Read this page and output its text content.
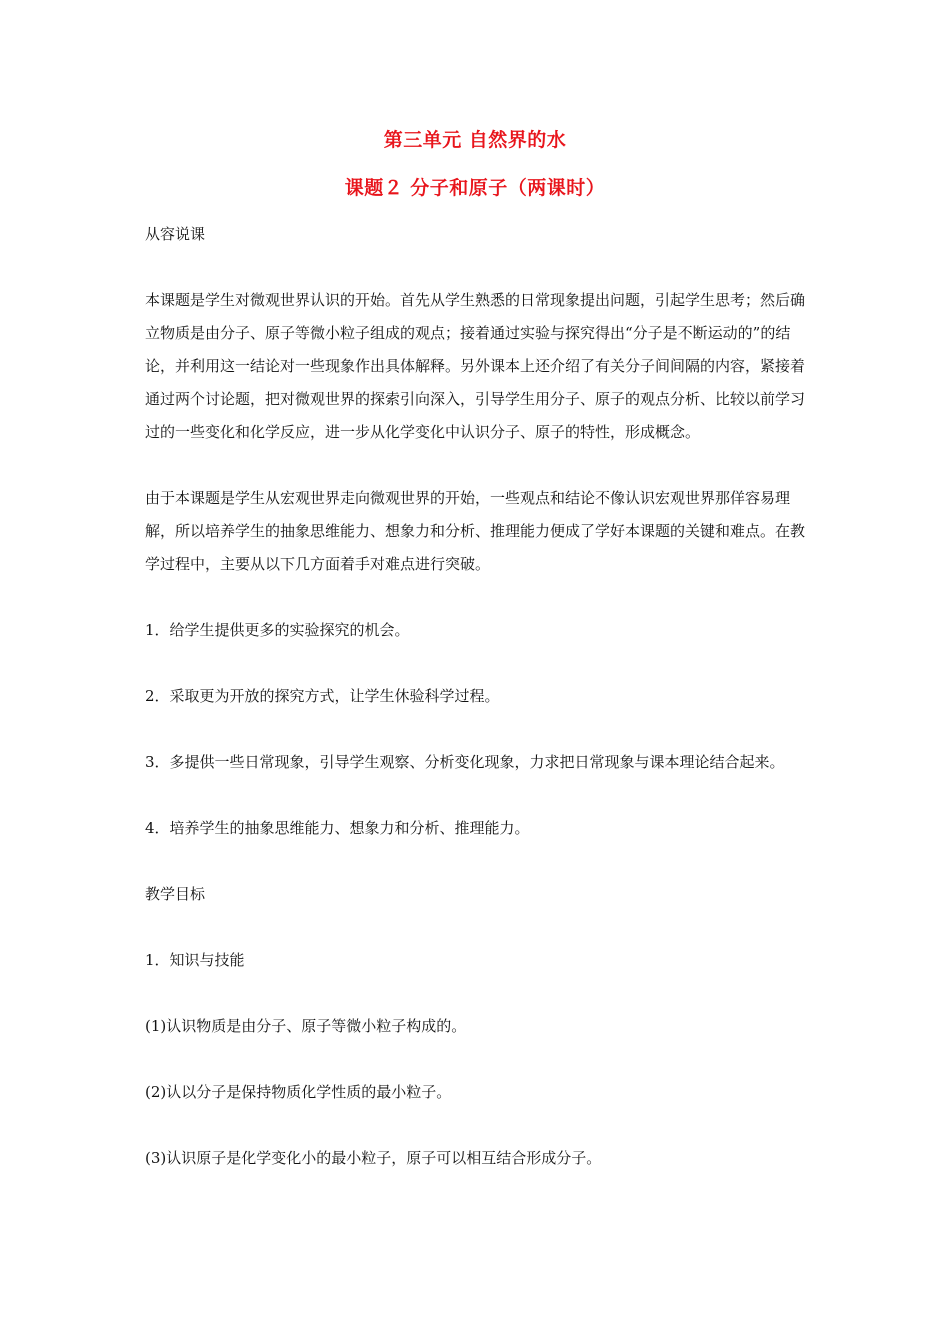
第三单元 自然界的水
课题２ 分子和原子（两课时）

从容说课

本课题是学生对微观世界认识的开始。首先从学生熟悉的日常现象提出问题，引起学生思考；然后确立物质是由分子、原子等微小粒子组成的观点；接着通过实验与探究得出“分子是不断运动的”的结论，并利用这一结论对一些现象作出具体解释。另外课本上还介绍了有关分子间间隔的内容，紧接着通过两个讨论题，把对微观世界的探索引向深入，引导学生用分子、原子的观点分析、比较以前学习过的一些变化和化学反应，进一步从化学变化中认识分子、原子的特性，形成概念。

由于本课题是学生从宏观世界走向微观世界的开始，一些观点和结论不像认识宏观世界那佯容易理解，所以培养学生的抽象思维能力、想象力和分析、推理能力便成了学好本课题的关键和难点。在教学过程中，主要从以下几方面着手对难点进行突破。

1．给学生提供更多的实验探究的机会。

2．采取更为开放的探究方式，让学生休验科学过程。

3．多提供一些日常现象，引导学生观察、分析变化现象，力求把日常现象与课本理论结合起来。

4．培养学生的抽象思维能力、想象力和分析、推理能力。

教学目标

1．知识与技能

(1)认识物质是由分子、原子等微小粒子构成的。

(2)认以分子是保持物质化学性质的最小粒子。

(3)认识原子是化学变化小的最小粒子，原子可以相互结合形成分子。
